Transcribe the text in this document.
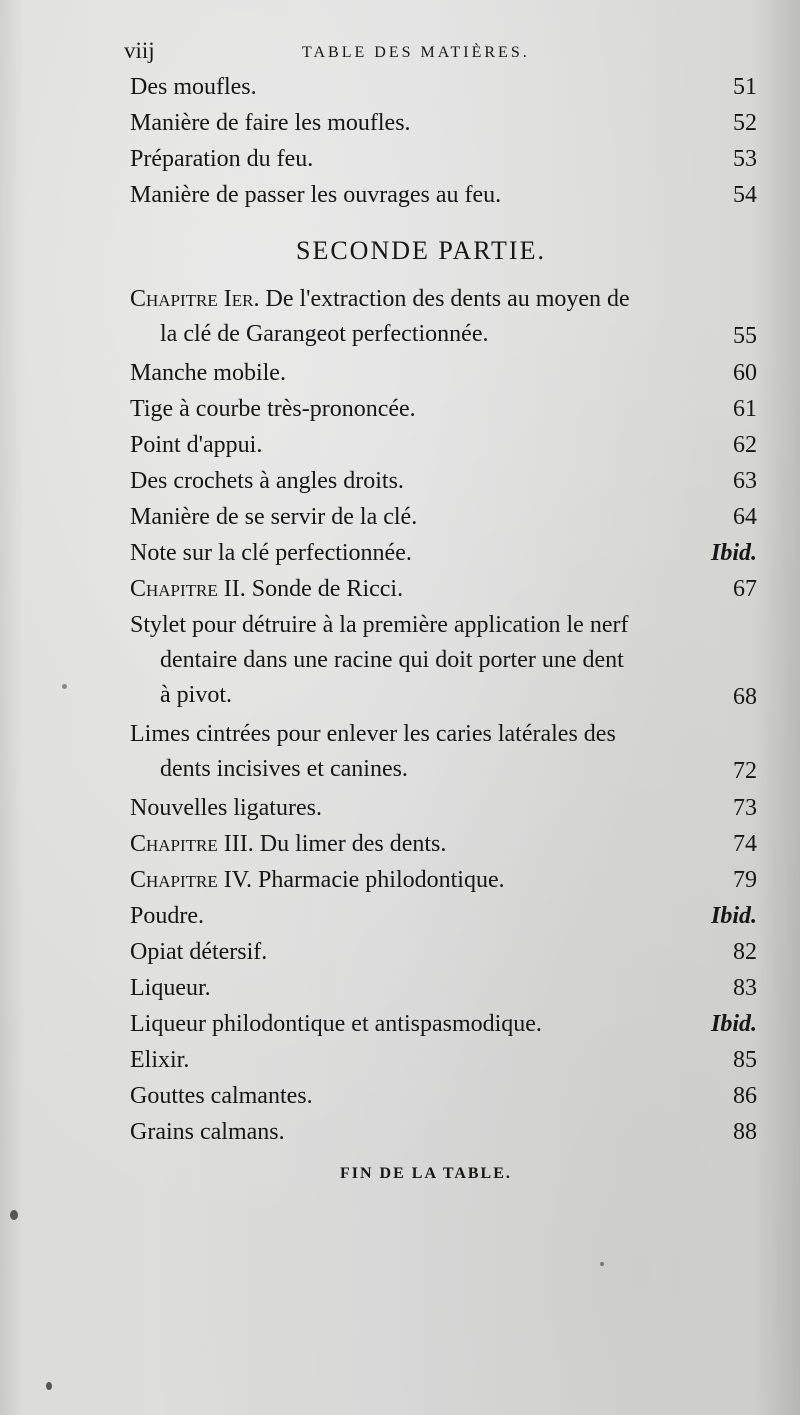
viij	TABLE DES MATIÈRES.
Des moufles.	51
Manière de faire les moufles.	52
Préparation du feu.	53
Manière de passer les ouvrages au feu.	54
SECONDE PARTIE.
Chapitre Ier. De l'extraction des dents au moyen de
la clé de Garangeot perfectionnée.	55
Manche mobile.	60
Tige à courbe très-prononcée.	61
Point d'appui.	62
Des crochets à angles droits.	63
Manière de se servir de la clé.	64
Note sur la clé perfectionnée.	Ibid.
Chapitre II. Sonde de Ricci.	67
Stylet pour détruire à la première application le nerf
dentaire dans une racine qui doit porter une dent
à pivot.	68
Limes cintrées pour enlever les caries latérales des
dents incisives et canines.	72
Nouvelles ligatures.	73
Chapitre III. Du limer des dents.	74
Chapitre IV. Pharmacie philodontique.	79
Poudre.	Ibid.
Opiat détersif.	82
Liqueur.	83
Liqueur philodontique et antispasmodique.	Ibid.
Elixir.	85
Gouttes calmantes.	86
Grains calmans.	88
FIN DE LA TABLE.
